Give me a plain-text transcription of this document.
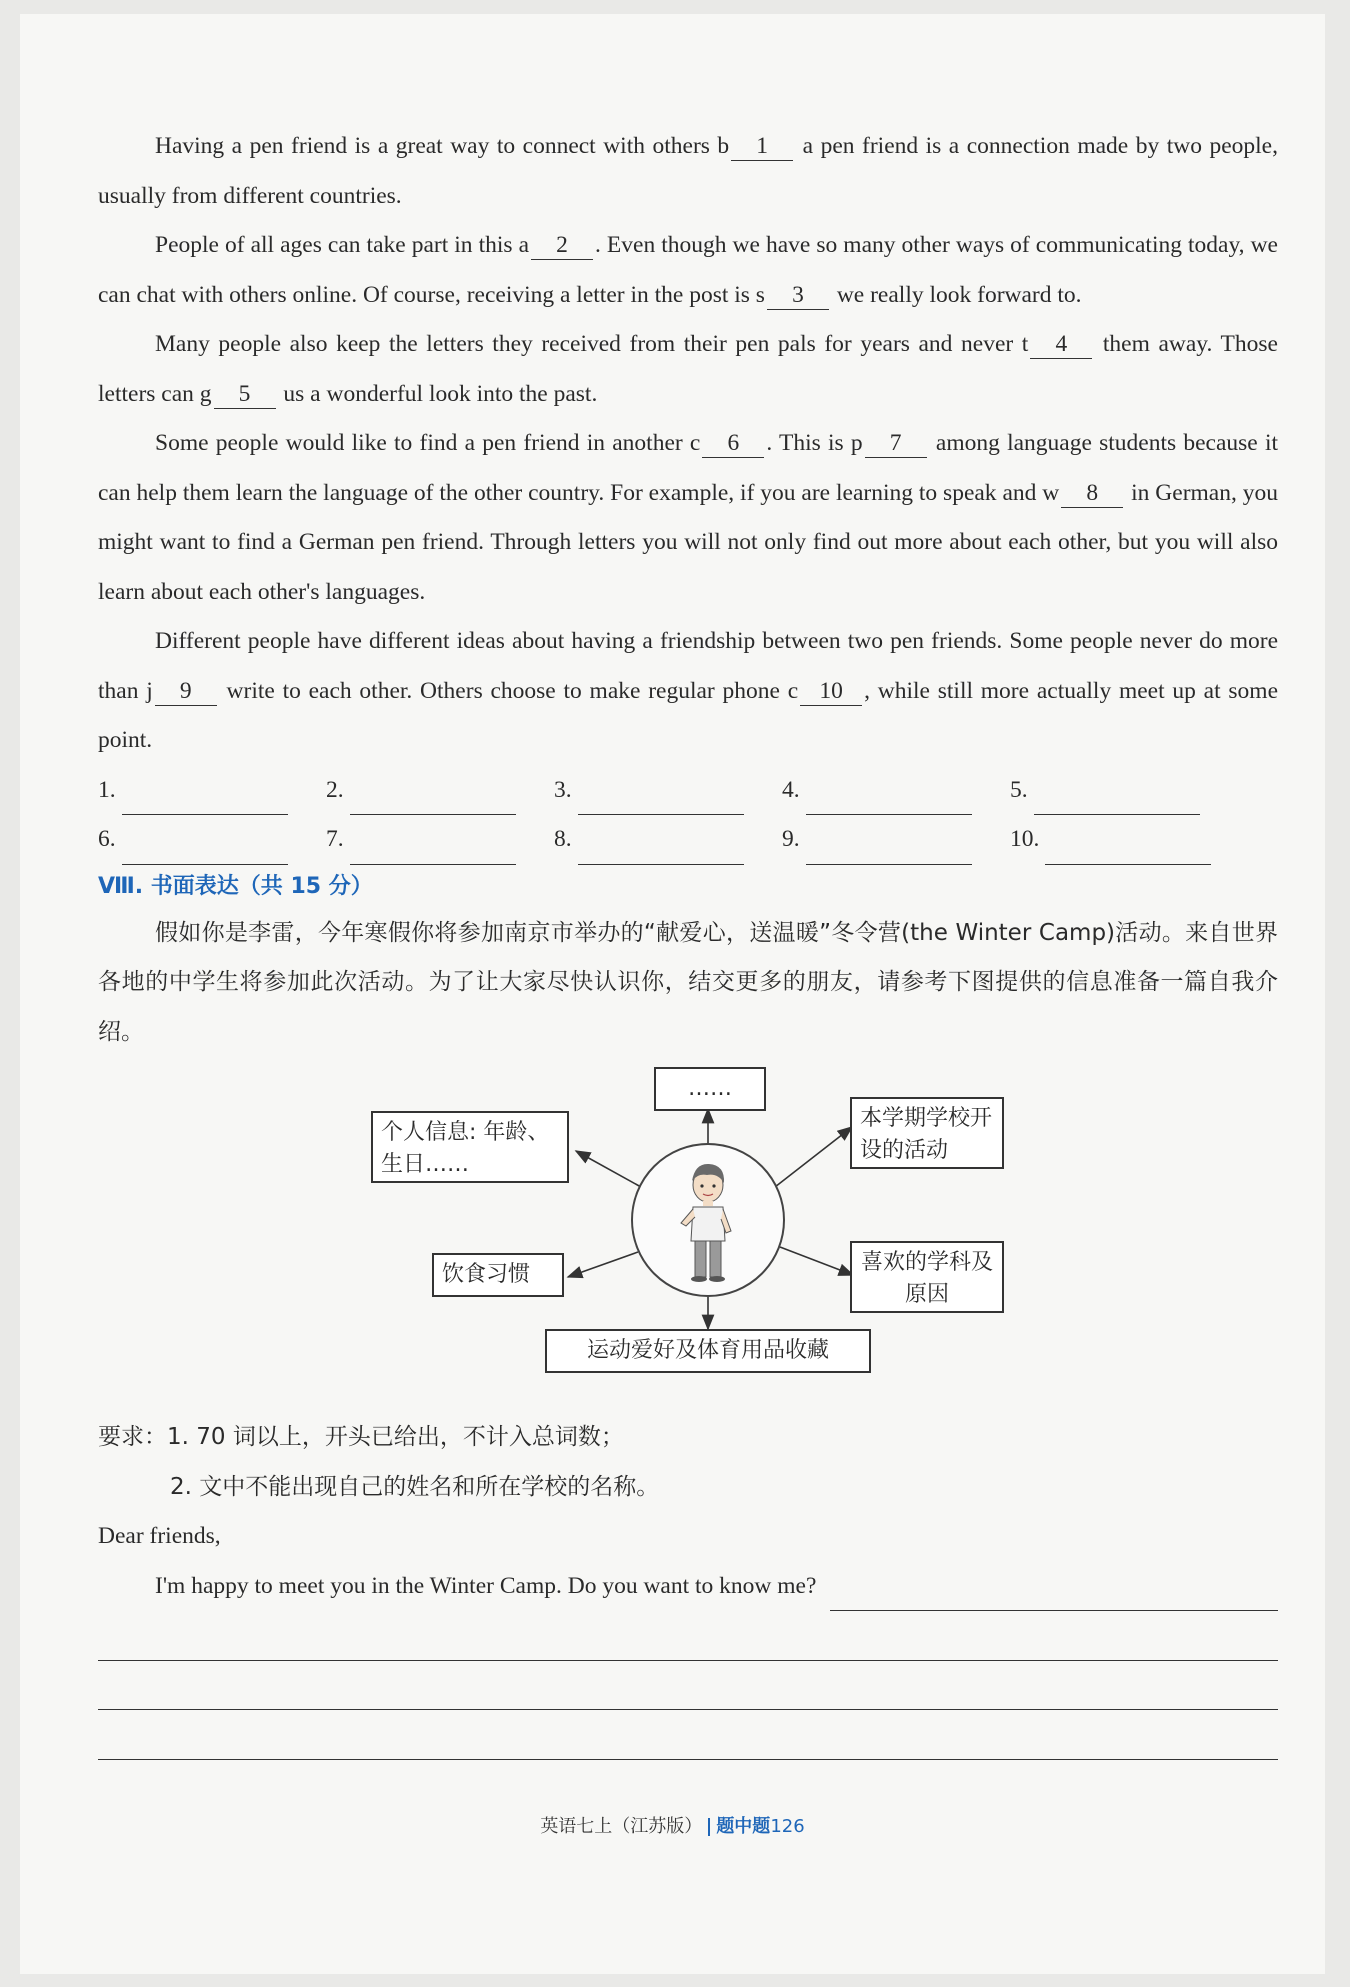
Having a pen friend is a great way to connect with others b 1 a pen friend is a connection made by two people, usually from different countries.

People of all ages can take part in this a 2 . Even though we have so many other ways of communicating today, we can chat with others online. Of course, receiving a letter in the post is s 3 we really look forward to.

Many people also keep the letters they received from their pen pals for years and never t 4 them away. Those letters can g 5 us a wonderful look into the past.

Some people would like to find a pen friend in another c 6 . This is p 7 among language students because it can help them learn the language of the other country. For example, if you are learning to speak and w 8 in German, you might want to find a German pen friend. Through letters you will not only find out more about each other, but you will also learn about each other's languages.

Different people have different ideas about having a friendship between two pen friends. Some people never do more than j 9 write to each other. Others choose to make regular phone c 10 , while still more actually meet up at some point.

1.	2.	3.	4.	5.
6.	7.	8.	9.	10.
Ⅷ. 书面表达（共 15 分）

假如你是李雷，今年寒假你将参加南京市举办的“献爱心，送温暖”冬令营(the Winter Camp)活动。来自世界各地的中学生将参加此次活动。为了让大家尽快认识你，结交更多的朋友，请参考下图提供的信息准备一篇自我介绍。

……
个人信息: 年龄、生日……
本学期学校开设的活动
饮食习惯	喜欢的学科及原因
运动爱好及体育用品收藏

要求：1. 70 词以上，开头已给出，不计入总词数；

2. 文中不能出现自己的姓名和所在学校的名称。

Dear friends,

I'm happy to meet you in the Winter Camp. Do you want to know me?

英语七上（江苏版） 题中题126
